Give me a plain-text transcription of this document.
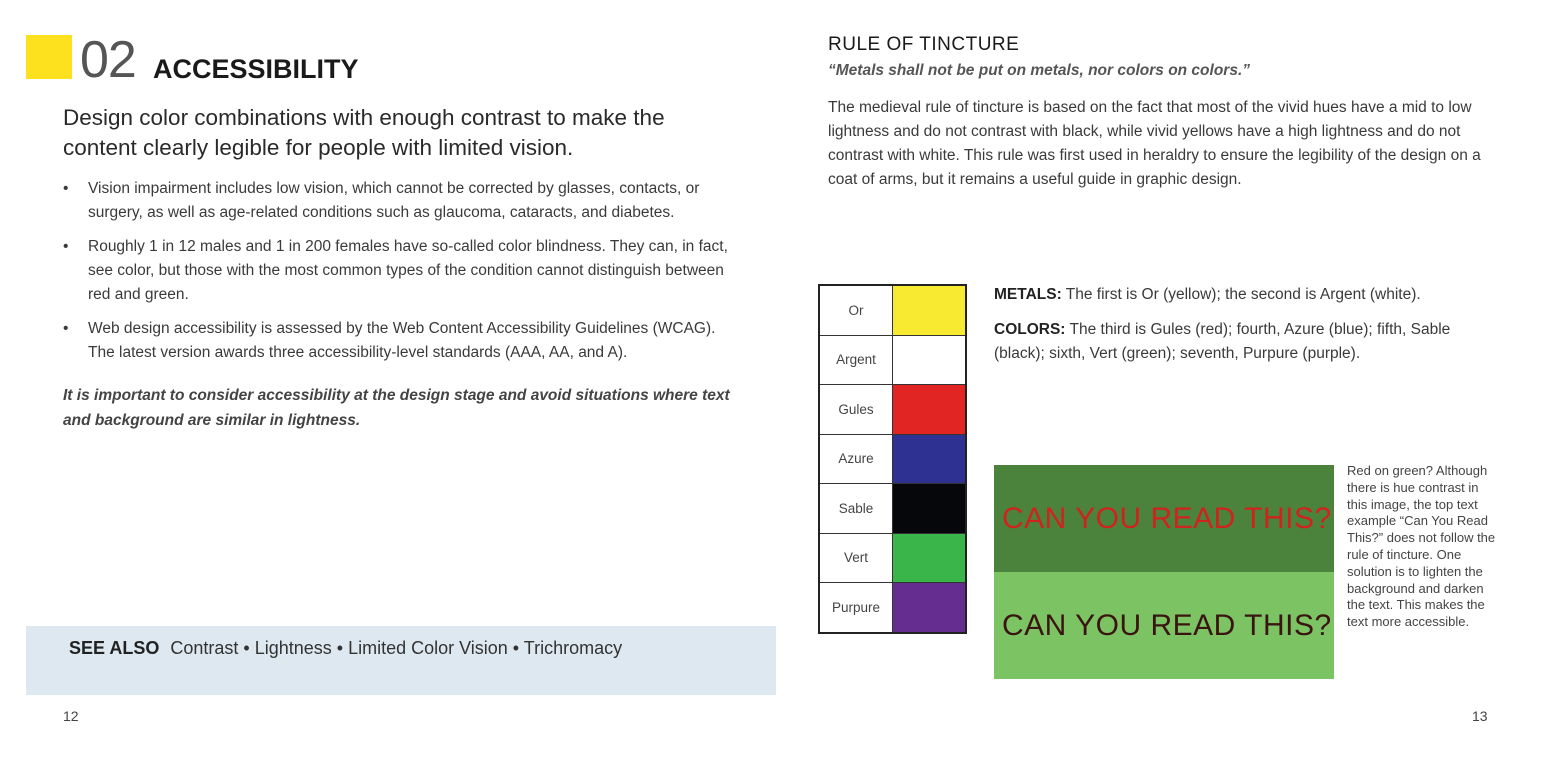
02 ACCESSIBILITY
Design color combinations with enough contrast to make the content clearly legible for people with limited vision.
• Vision impairment includes low vision, which cannot be corrected by glasses, contacts, or surgery, as well as age-related conditions such as glaucoma, cataracts, and diabetes.
• Roughly 1 in 12 males and 1 in 200 females have so-called color blindness. They can, in fact, see color, but those with the most common types of the condition cannot distinguish between red and green.
• Web design accessibility is assessed by the Web Content Accessibility Guidelines (WCAG). The latest version awards three accessibility-level standards (AAA, AA, and A).
It is important to consider accessibility at the design stage and avoid situations where text and background are similar in lightness.
SEE ALSO Contrast • Lightness • Limited Color Vision • Trichromacy
12
RULE OF TINCTURE
“Metals shall not be put on metals, nor colors on colors.”
The medieval rule of tincture is based on the fact that most of the vivid hues have a mid to low lightness and do not contrast with black, while vivid yellows have a high lightness and do not contrast with white. This rule was first used in heraldry to ensure the legibility of the design on a coat of arms, but it remains a useful guide in graphic design.
Or	
Argent	
Gules	
Azure	
Sable	
Vert	
Purpure	
METALS: The first is Or (yellow); the second is Argent (white).
COLORS: The third is Gules (red); fourth, Azure (blue); fifth, Sable (black); sixth, Vert (green); seventh, Purpure (purple).
CAN YOU READ THIS?
CAN YOU READ THIS?
Red on green? Although there is hue contrast in this image, the top text example “Can You Read This?” does not follow the rule of tincture. One solution is to lighten the background and darken the text. This makes the text more accessible.
13
